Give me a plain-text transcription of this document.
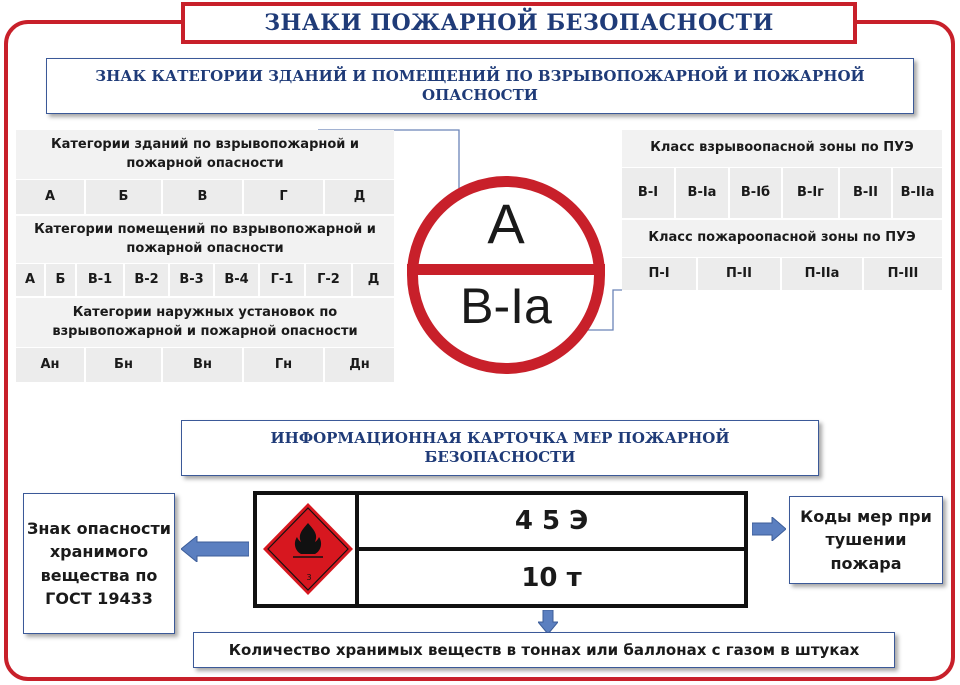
ЗНАКИ ПОЖАРНОЙ БЕЗОПАСНОСТИ
ЗНАК КАТЕГОРИИ ЗДАНИЙ И ПОМЕЩЕНИЙ ПО ВЗРЫВОПОЖАРНОЙ И ПОЖАРНОЙ ОПАСНОСТИ
Категории зданий по взрывопожарной и пожарной опасности
А	Б	В	Г	Д
Категории помещений по взрывопожарной и пожарной опасности
А	Б	В-1	В-2	В-3	В-4	Г-1	Г-2	Д
Категории наружных установок по взрывопожарной и пожарной опасности
Ан	Бн	Вн	Гн	Дн
Класс взрывоопасной зоны по ПУЭ
В-I	В-Iа	В-Iб	В-Iг	В-II	В-IIа
Класс пожароопасной зоны по ПУЭ
П-I	П-II	П-IIа	П-III
А
В-Iа
ИНФОРМАЦИОННАЯ КАРТОЧКА МЕР ПОЖАРНОЙ БЕЗОПАСНОСТИ
Знак опасности хранимого вещества по ГОСТ 19433
3
4 5 Э
10 т
Коды мер при тушении пожара
Количество хранимых веществ в тоннах или баллонах с газом в штуках
